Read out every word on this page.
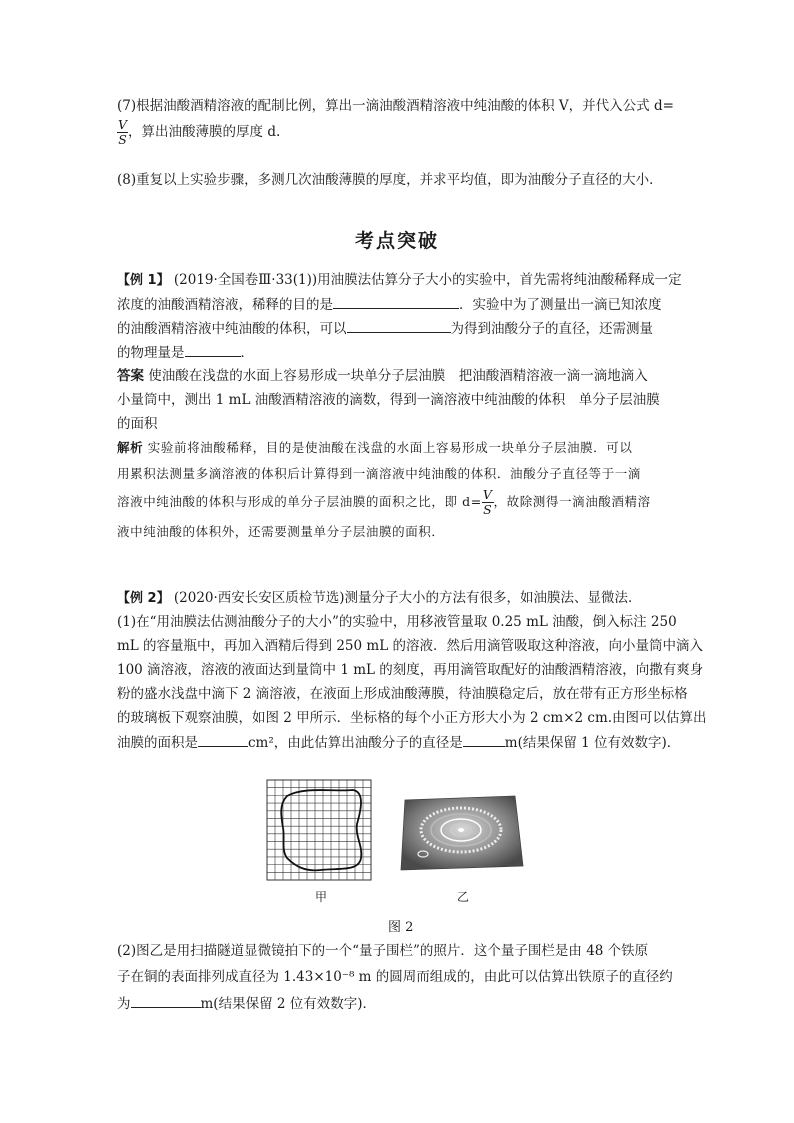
(7)根据油酸酒精溶液的配制比例，算出一滴油酸酒精溶液中纯油酸的体积 V，并代入公式 d=
$\frac{V}{S}$ ，算出油酸薄膜的厚度 d.
(8)重复以上实验步骤，多测几次油酸薄膜的厚度，并求平均值，即为油酸分子直径的大小．
考点突破
【例 1】 (2019·全国卷Ⅲ·33(1))用油膜法估算分子大小的实验中，首先需将纯油酸稀释成一定
浓度的油酸酒精溶液，稀释的目的是	．实验中为了测量出一滴已知浓度
的油酸酒精溶液中纯油酸的体积，可以	为得到油酸分子的直径，还需测量
的物理量是	．
答案 使油酸在浅盘的水面上容易形成一块单分子层油膜　把油酸酒精溶液一滴一滴地滴入
小量筒中，测出 1 mL 油酸酒精溶液的滴数，得到一滴溶液中纯油酸的体积　单分子层油膜
的面积
解析 实验前将油酸稀释，目的是使油酸在浅盘的水面上容易形成一块单分子层油膜．可以
用累积法测量多滴溶液的体积后计算得到一滴溶液中纯油酸的体积．油酸分子直径等于一滴
溶液中纯油酸的体积与形成的单分子层油膜的面积之比，即 $d= \frac{V}{S}$ ，故除测得一滴油酸酒精溶
液中纯油酸的体积外，还需要测量单分子层油膜的面积．
【例 2】 (2020·西安长安区质检节选)测量分子大小的方法有很多，如油膜法、显微法．
(1)在“用油膜法估测油酸分子的大小”的实验中，用移液管量取 0.25 mL 油酸，倒入标注 250
mL 的容量瓶中，再加入酒精后得到 250 mL 的溶液．然后用滴管吸取这种溶液，向小量筒中滴入
100 滴溶液，溶液的液面达到量筒中 1 mL 的刻度，再用滴管取配好的油酸酒精溶液，向撒有爽身
粉的盛水浅盘中滴下 2 滴溶液，在液面上形成油酸薄膜，待油膜稳定后，放在带有正方形坐标格
的玻璃板下观察油膜，如图 2 甲所示．坐标格的每个小正方形大小为 2 cm×2 cm.由图可以估算出
油膜的面积是	cm²，由此估算出油酸分子的直径是	m(结果保留 1 位有效数字)．
甲	乙
图 2
(2)图乙是用扫描隧道显微镜拍下的一个“量子围栏”的照片．这个量子围栏是由 48 个铁原
子在铜的表面排列成直径为 1.43×10⁻⁸ m 的圆周而组成的，由此可以估算出铁原子的直径约
为	m(结果保留 2 位有效数字)．
